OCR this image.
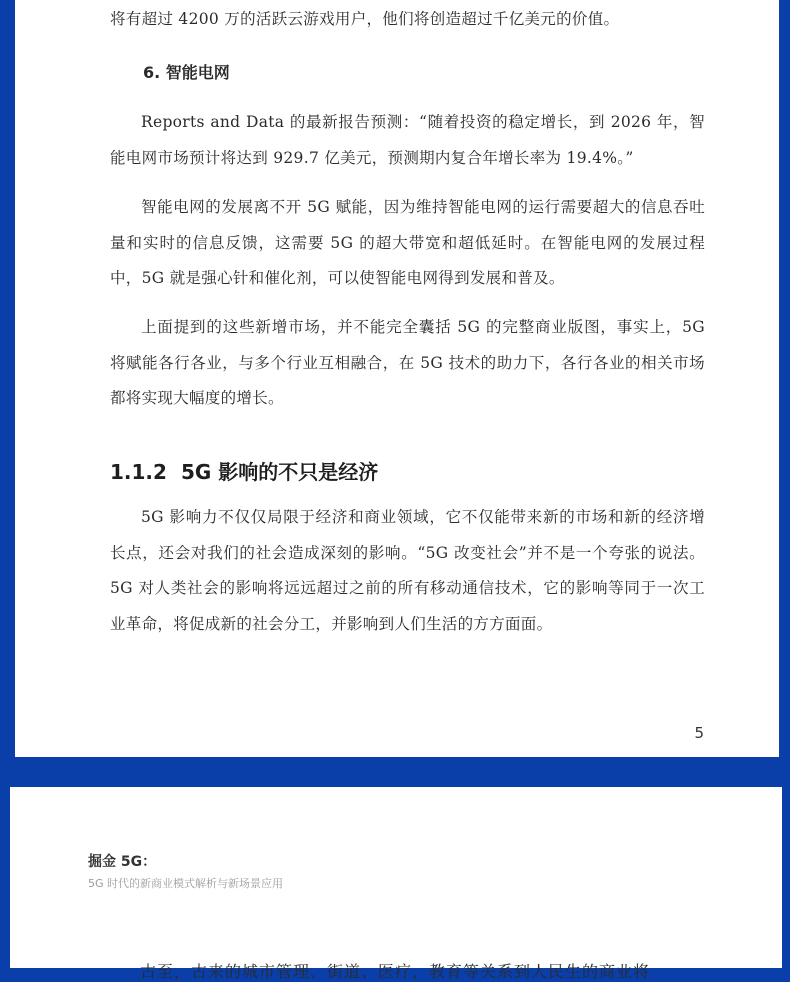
将有超过 4200 万的活跃云游戏用户，他们将创造超过千亿美元的价值。

6. 智能电网

Reports and Data 的最新报告预测：“随着投资的稳定增长，到 2026 年，智能电网市场预计将达到 929.7 亿美元，预测期内复合年增长率为 19.4%。”

智能电网的发展离不开 5G 赋能，因为维持智能电网的运行需要超大的信息吞吐量和实时的信息反馈，这需要 5G 的超大带宽和超低延时。在智能电网的发展过程中，5G 就是强心针和催化剂，可以使智能电网得到发展和普及。

上面提到的这些新增市场，并不能完全囊括 5G 的完整商业版图，事实上，5G 将赋能各行各业，与多个行业互相融合，在 5G 技术的助力下，各行各业的相关市场都将实现大幅度的增长。

1.1.2 5G 影响的不只是经济

5G 影响力不仅仅局限于经济和商业领域，它不仅能带来新的市场和新的经济增长点，还会对我们的社会造成深刻的影响。“5G 改变社会”并不是一个夸张的说法。5G 对人类社会的影响将远远超过之前的所有移动通信技术，它的影响等同于一次工业革命，将促成新的社会分工，并影响到人们生活的方方面面。

5
掘金 5G：
5G 时代的新商业模式解析与新场景应用
古至，古来的城市管理、街道、医疗，教育等关系到人民生的商业将
